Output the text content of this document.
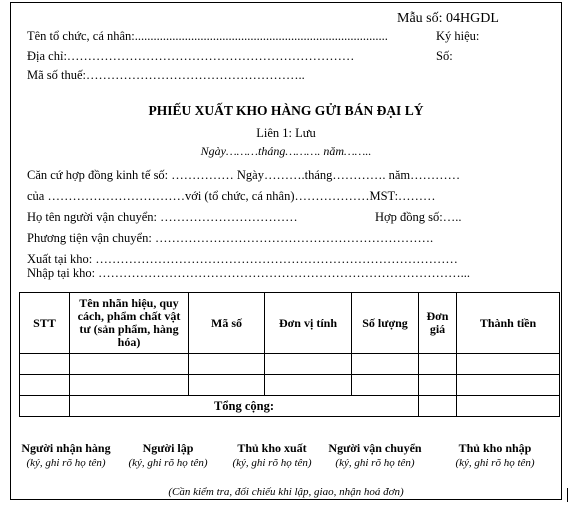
Mẫu số: 04HGDL
Ký hiệu:
Số:
Tên tổ chức, cá nhân:.................................................................................
Địa chỉ:……………………………………………………………
Mã số thuế:……………………………………………..
PHIẾU XUẤT KHO HÀNG GỬI BÁN ĐẠI LÝ
Liên 1: Lưu
Ngày………tháng………. năm……..
Căn cứ hợp đồng kinh tế số: …………… Ngày……….tháng…………. năm…………
của ……………………………với (tổ chức, cá nhân)………………MST:………
Họ tên người vận chuyển: ……………………………	Hợp đồng số:…..
Phương tiện vận chuyển: ………………………………………………………….
Xuất tại kho: ……………………………………………………………………………
Nhập tại kho: ……………………………………………………………………………...
STT	Tên nhãn hiệu, quy cách, phẩm chất vật tư (sản phẩm, hàng hóa)	Mã số	Đơn vị tính	Số lượng	Đơn giá	Thành tiền

	Tổng cộng:					
Người nhận hàng
(ký, ghi rõ họ tên)
Người lập
(ký, ghi rõ họ tên)
Thủ kho xuất
(ký, ghi rõ họ tên)
Người vận chuyển
(ký, ghi rõ họ tên)
Thủ kho nhập
(ký, ghi rõ họ tên)
(Cần kiểm tra, đối chiếu khi lập, giao, nhận hoá đơn)
